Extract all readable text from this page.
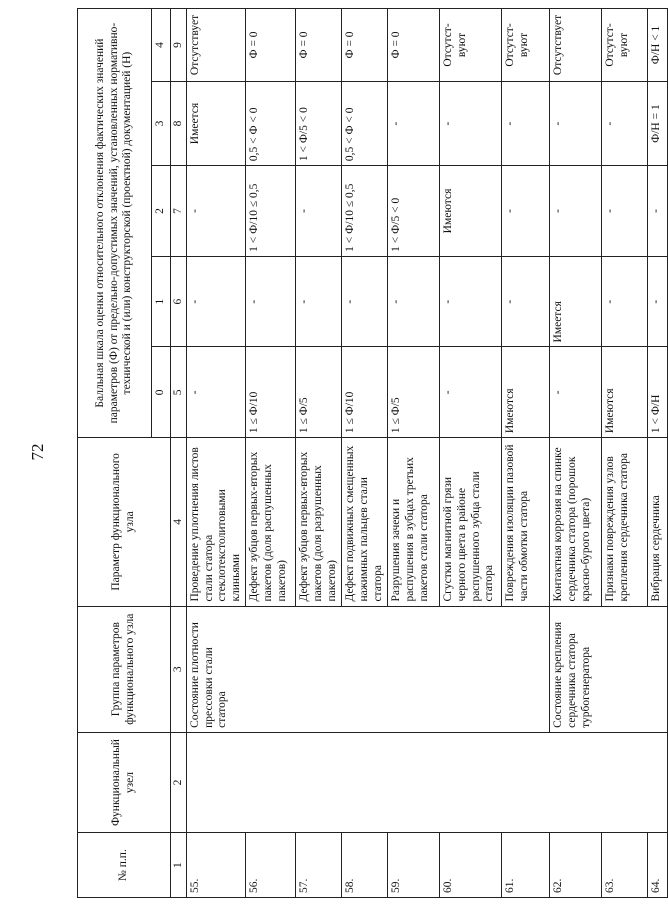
72
№ п.п.	Функциональный узел	Группа параметров функционального узла	Параметр функционального узла	Балльная шкала оценки относительного отклонения фактических значений параметров (Ф) от предельно-допустимых значений, установленных нормативно-технической и (или) конструкторской (проектной) документацией (Н)				
				0	1	2	3	4
1	2	3	4	5	6	7	8	9
55.		Состояние плотности прессовки стали статора	Проведение уплотнения листов стали статора стеклотекстолитовыми клиньями	-	-	-	Имеется	Отсутствует
56.			Дефект зубцов первых-вторых пакетов (доля распушенных пакетов)	1 ≤ Ф/10	-	1 < Ф/10 ≤ 0,5	0,5 < Ф < 0	Ф = 0
57.			Дефект зубцов первых-вторых пакетов (доля разрушенных пакетов)	1 ≤ Ф/5	-	-	1 < Ф/5 < 0	Ф = 0
58.			Дефект подвижных смещенных нажимных пальцев стали статора	1 ≤ Ф/10	-	1 < Ф/10 ≤ 0,5	0,5 < Ф < 0	Ф = 0
59.			Разрушения зачеки и распушения в зубцах третьих пакетов стали статора	1 ≤ Ф/5	-	1 < Ф/5 < 0	-	Ф = 0
60.			Сгустки магнитной грязи черного цвета в районе распушенного зубца стали статора	-	-	Имеются	-	Отсутст-вуют
61.			Повреждения изоляции пазовой части обмотки статора	Имеются	-	-	-	Отсутст-вуют
62.		Состояние крепления сердечника статора турбогенератора	Контактная коррозия на спинке сердечника статора (порошок красно-бурого цвета)	-	Имеется	-	-	Отсутствует
63.			Признаки повреждения узлов крепления сердечника статора	Имеются	-	-	-	Отсутст-вуют
64.			Вибрация сердечника	1 < Ф/Н	-	-	Ф/Н = 1	Ф/Н < 1
